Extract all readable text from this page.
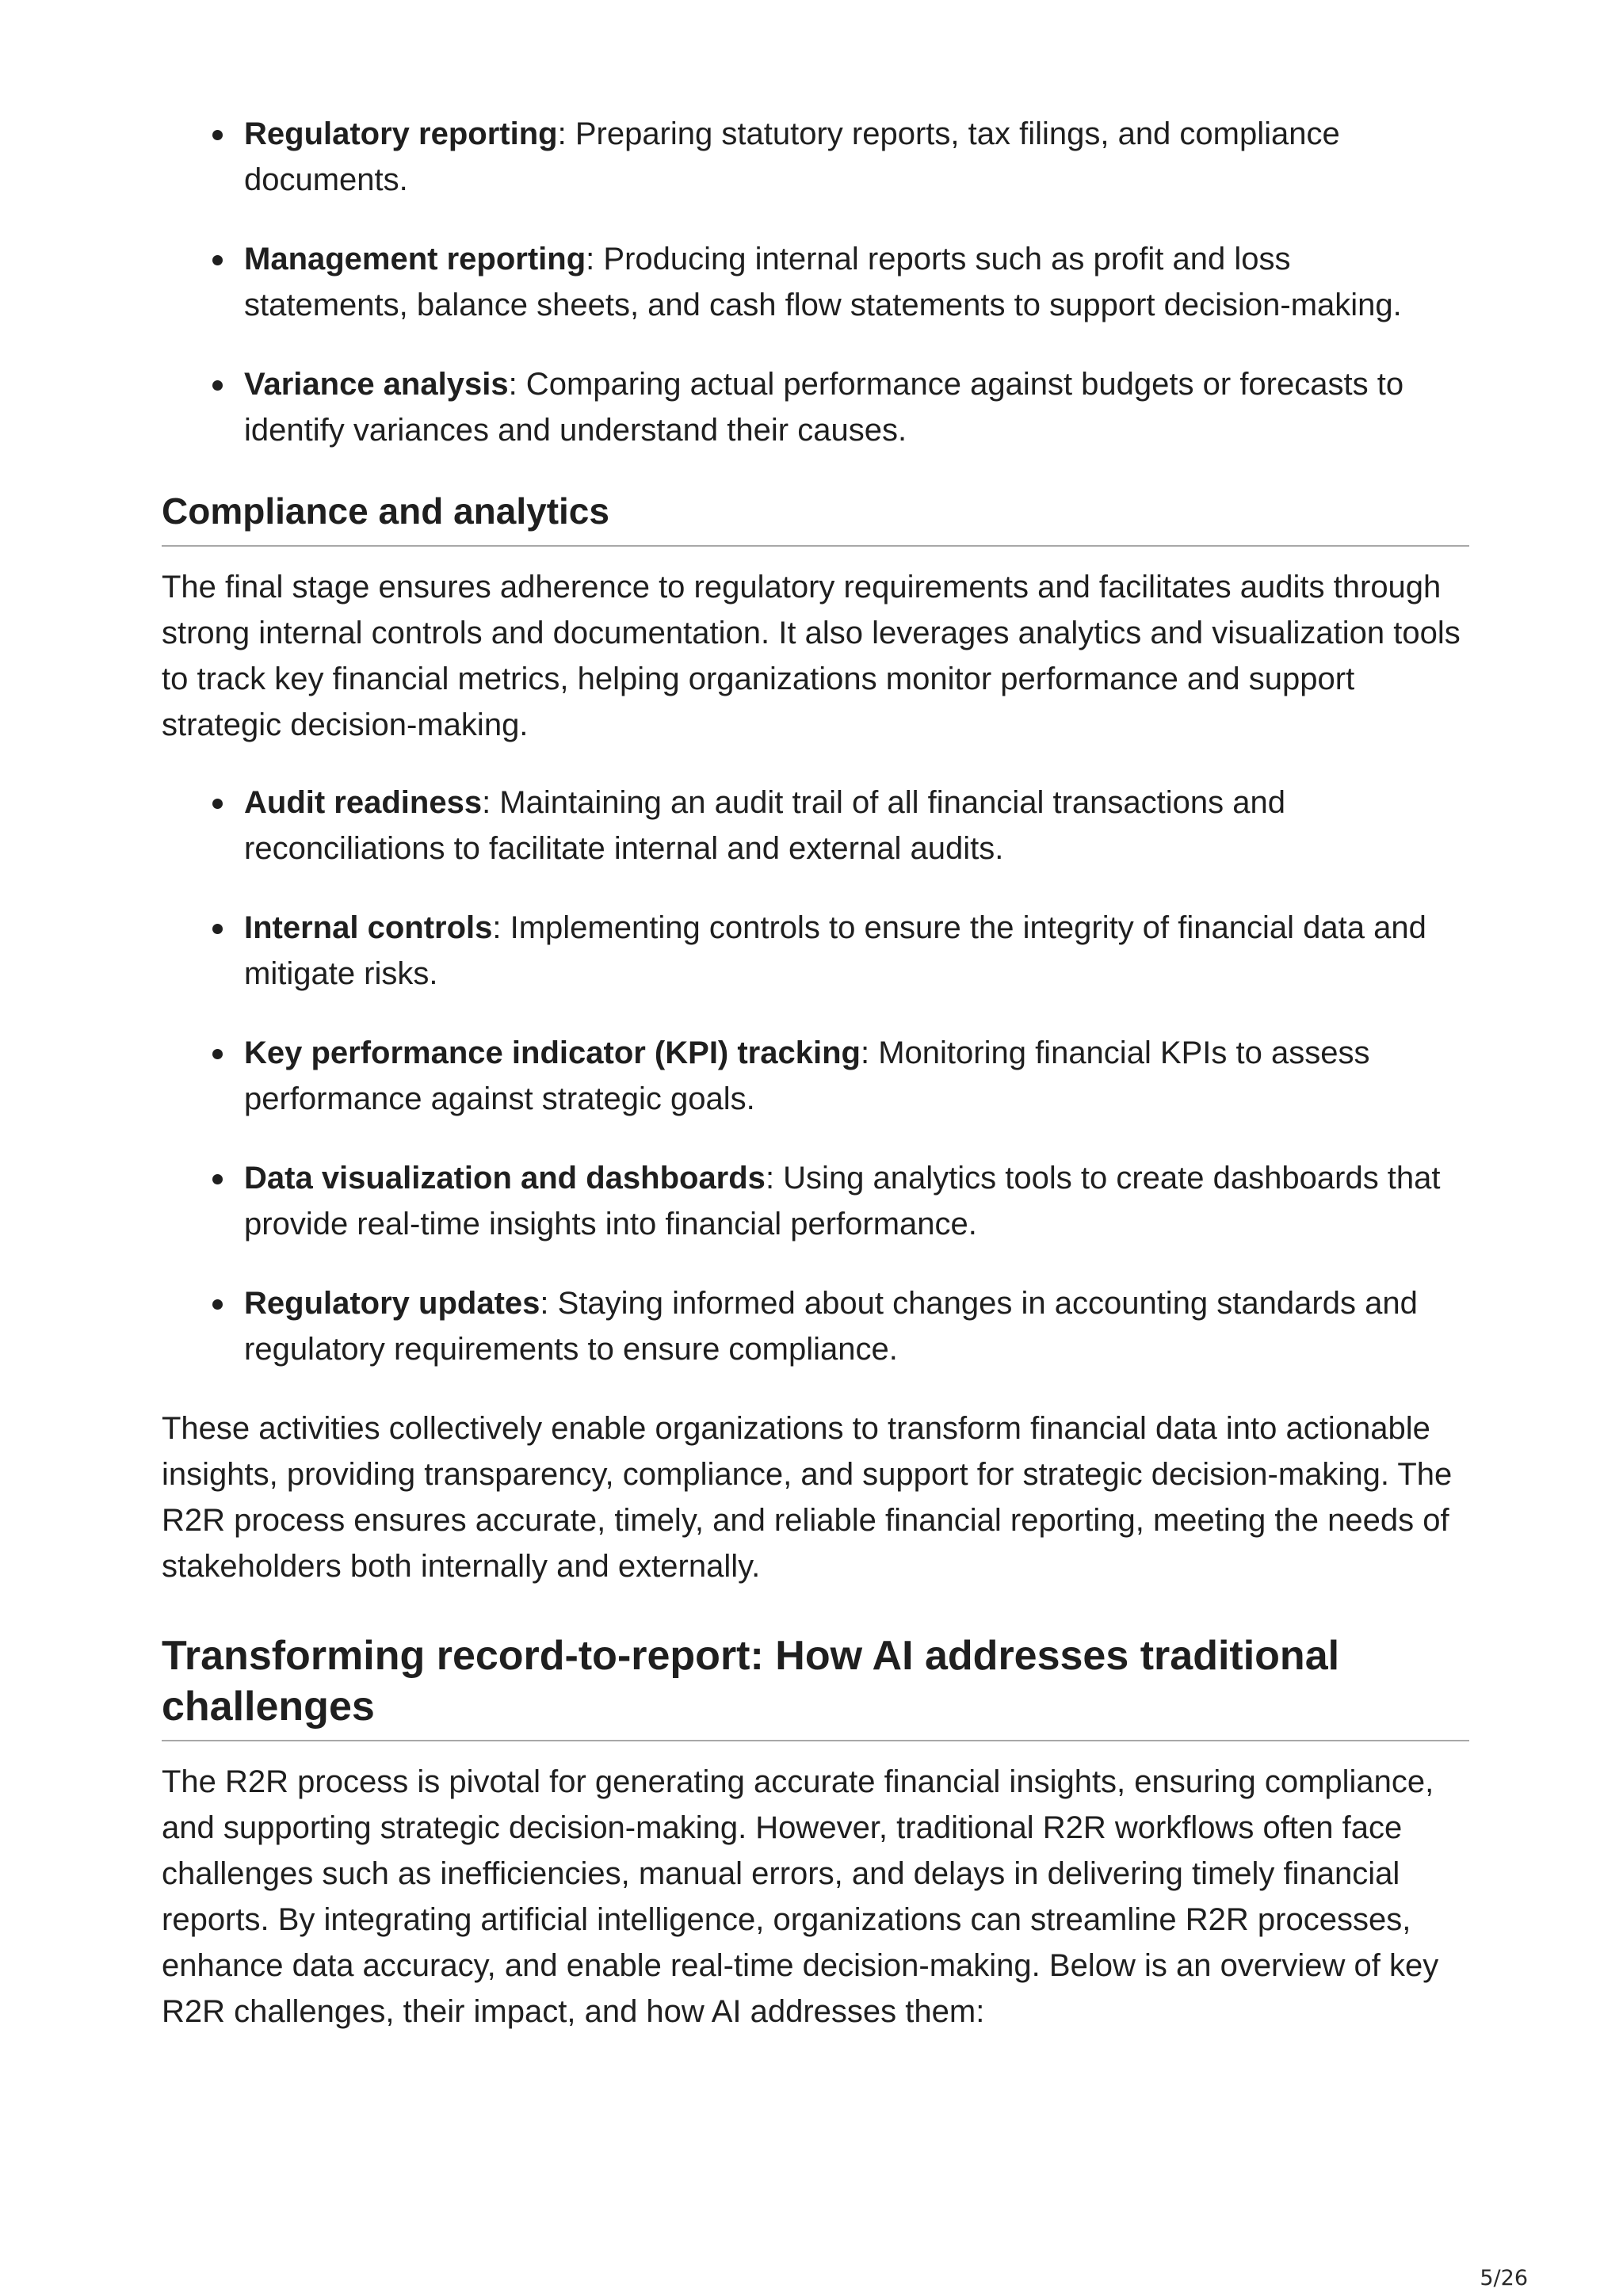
Regulatory reporting: Preparing statutory reports, tax filings, and compliance documents.
Management reporting: Producing internal reports such as profit and loss statements, balance sheets, and cash flow statements to support decision-making.
Variance analysis: Comparing actual performance against budgets or forecasts to identify variances and understand their causes.
Compliance and analytics

The final stage ensures adherence to regulatory requirements and facilitates audits through strong internal controls and documentation. It also leverages analytics and visualization tools to track key financial metrics, helping organizations monitor performance and support strategic decision-making.

Audit readiness: Maintaining an audit trail of all financial transactions and reconciliations to facilitate internal and external audits.
Internal controls: Implementing controls to ensure the integrity of financial data and mitigate risks.
Key performance indicator (KPI) tracking: Monitoring financial KPIs to assess performance against strategic goals.
Data visualization and dashboards: Using analytics tools to create dashboards that provide real-time insights into financial performance.
Regulatory updates: Staying informed about changes in accounting standards and regulatory requirements to ensure compliance.

These activities collectively enable organizations to transform financial data into actionable insights, providing transparency, compliance, and support for strategic decision-making. The R2R process ensures accurate, timely, and reliable financial reporting, meeting the needs of stakeholders both internally and externally.

Transforming record-to-report: How AI addresses traditional challenges

The R2R process is pivotal for generating accurate financial insights, ensuring compliance, and supporting strategic decision-making. However, traditional R2R workflows often face challenges such as inefficiencies, manual errors, and delays in delivering timely financial reports. By integrating artificial intelligence, organizations can streamline R2R processes, enhance data accuracy, and enable real-time decision-making. Below is an overview of key R2R challenges, their impact, and how AI addresses them:

5/26
